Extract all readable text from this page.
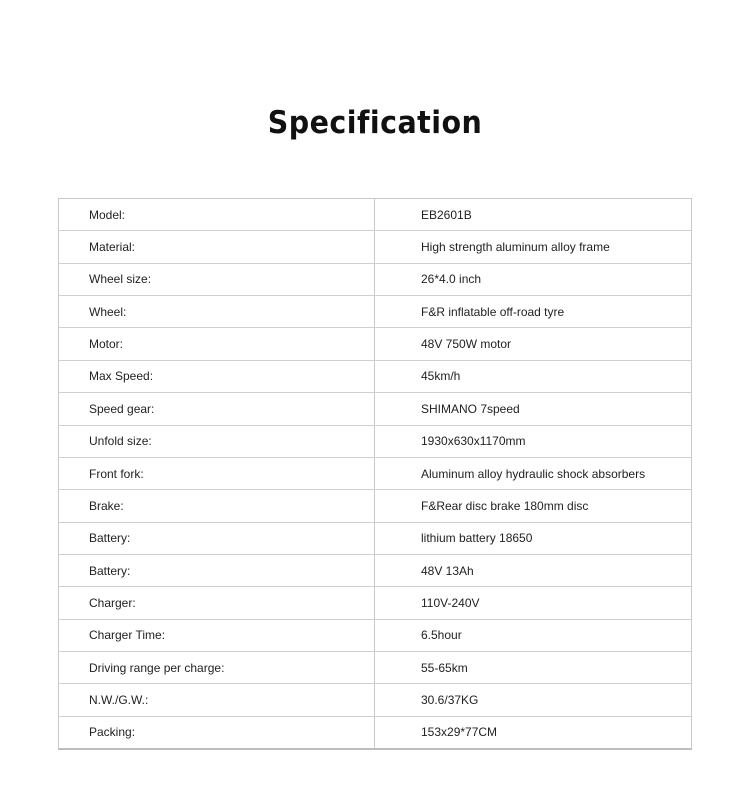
Specification
Model:	EB2601B
Material:	High strength aluminum alloy frame
Wheel size:	26*4.0 inch
Wheel:	F&R inflatable off-road tyre
Motor:	48V 750W motor
Max Speed:	45km/h
Speed gear:	SHIMANO 7speed
Unfold size:	1930x630x1170mm
Front fork:	Aluminum alloy hydraulic shock absorbers
Brake:	F&Rear disc brake 180mm disc
Battery:	lithium battery 18650
Battery:	48V 13Ah
Charger:	110V-240V
Charger Time:	6.5hour
Driving range per charge:	55-65km
N.W./G.W.:	30.6/37KG
Packing:	153x29*77CM
